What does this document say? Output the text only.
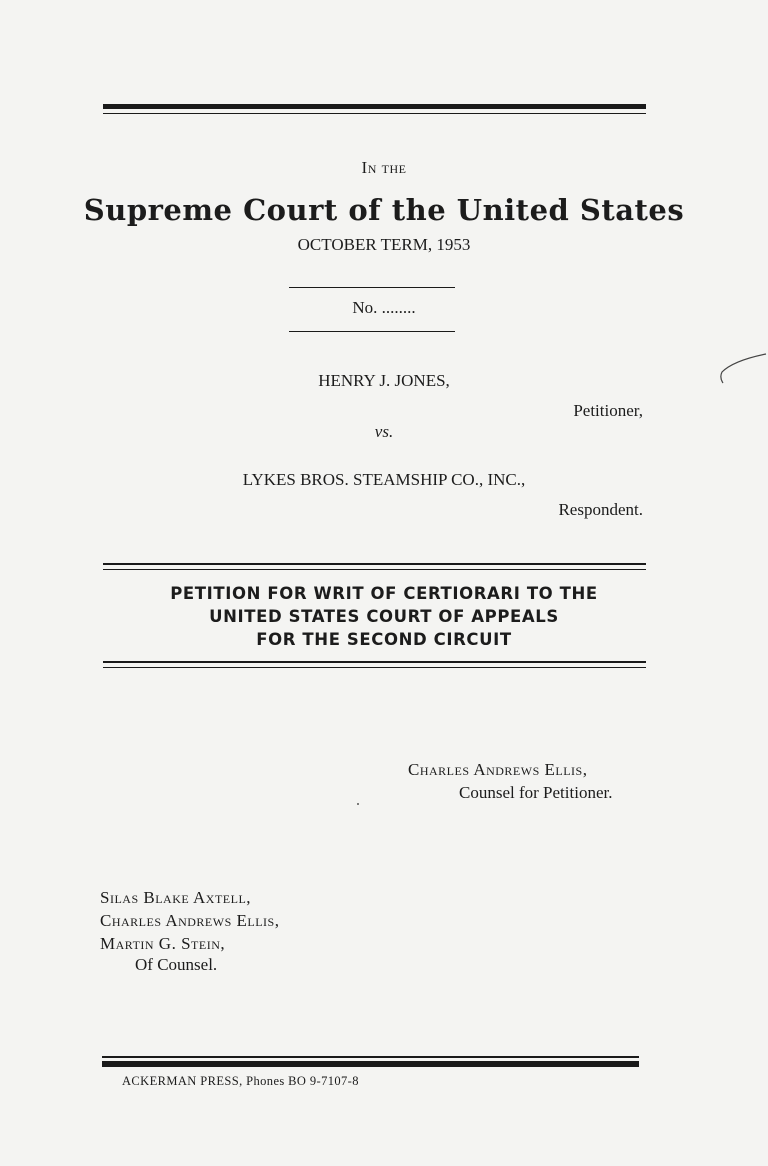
In the
Supreme Court of the United States
OCTOBER TERM, 1953
No. ........
HENRY J. JONES,
Petitioner,
vs.
LYKES BROS. STEAMSHIP CO., INC.,
Respondent.
PETITION FOR WRIT OF CERTIORARI TO THE
UNITED STATES COURT OF APPEALS
FOR THE SECOND CIRCUIT
Charles Andrews Ellis,
Counsel for Petitioner.
Silas Blake Axtell,
Charles Andrews Ellis,
Martin G. Stein,
Of Counsel.
ACKERMAN PRESS, Phones BO 9-7107-8
